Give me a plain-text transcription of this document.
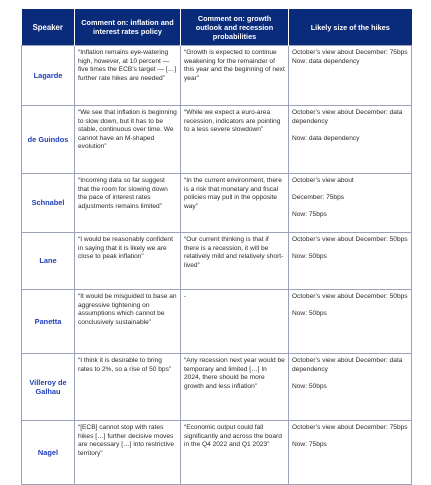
Speaker	Comment on: inflation and interest rates policy	Comment on: growth outlook and recession probabilities	Likely size of the hikes
Lagarde	“Inflation remains eye-watering high, however, at 10 percent — five times the ECB’s target — […] further rate hikes are needed”	“Growth is expected to continue weakening for the remainder of this year and the beginning of next year”	October’s view about December: 75bps
Now: data dependency
de Guindos	“We see that inflation is beginning to slow down, but it has to be stable, continuous over time. We cannot have an M-shaped evolution”	“While we expect a euro-area recession, indicators are pointing to a less severe slowdown”	October’s view about December: data dependency

Now: data dependency
Schnabel	“Incoming data so far suggest that the room for slowing down the pace of interest rates adjustments remains limited”	“In the current environment, there is a risk that monetary and fiscal policies may pull in the opposite way”	October’s view about

December: 75bps

Now: 75bps
Lane	“I would be reasonably confident in saying that it is likely we are close to peak inflation”	“Our current thinking is that if there is a recession, it will be relatively mild and relatively short-lived”	October’s view about December: 50bps

Now: 50bps
Panetta	“It would be misguided to base an aggressive tightening on assumptions which cannot be conclusively sustainable”	-	October’s view about December: 50bps

Now: 50bps
Villeroy de Galhau	“I think it is desirable to bring rates to 2%, so a rise of 50 bps”	“Any recession next year would be temporary and limited […] In 2024, there should be more growth and less inflation”	October’s view about December: data dependency

Now: 50bps
Nagel	“[ECB] cannot stop with rates hikes […] further decisive moves are necessary […] into restrictive territory”	“Economic output could fall significantly and across the board in the Q4 2022 and Q1 2023”	October’s view about December: 75bps

Now: 75bps
